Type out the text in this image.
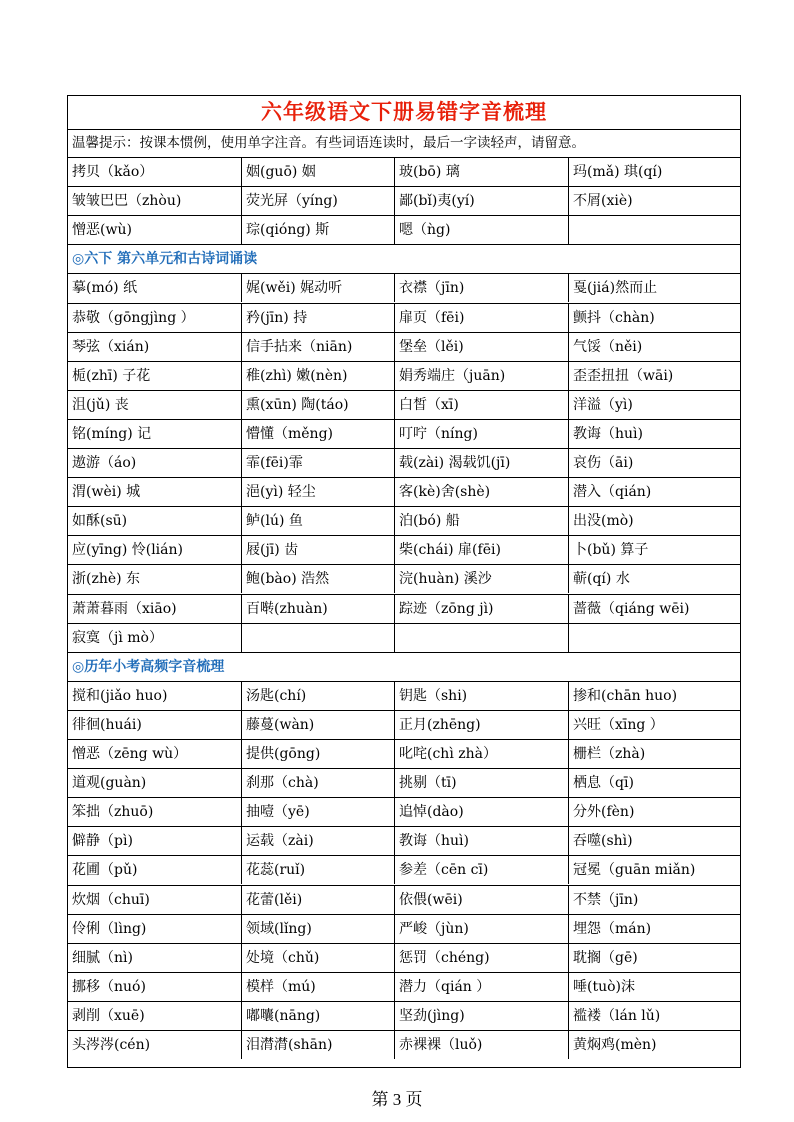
六年级语文下册易错字音梳理
温馨提示：按课本惯例，使用单字注音。有些词语连读时，最后一字读轻声，请留意。
拷贝（kǎo）	姻(guō) 姻	玻(bō) 璃	玛(mǎ) 琪(qí)
皱皱巴巴（zhòu)	荧光屏（yíng)	鄙(bǐ)夷(yí)	不屑(xiè)
憎恶(wù)	琮(qióng) 斯	嗯（ǹg)
◎六下 第六单元和古诗词诵读
摹(mó) 纸	娓(wěi) 娓动听	衣襟（jīn)	戛(jiá)然而止
恭敬（gōngjìng ）	矜(jīn) 持	扉页（fēi)	颤抖（chàn)
琴弦（xián)	信手拈来（niān)	堡垒（lěi)	气馁（něi)
栀(zhī) 子花	稚(zhì) 嫩(nèn)	娟秀端庄（juān)	歪歪扭扭（wāi)
沮(jǔ) 丧	熏(xūn) 陶(táo)	白皙（xī)	洋溢（yì)
铭(míng) 记	懵懂（měng)	叮咛（níng)	教诲（huì)
遨游（áo)	霏(fēi)霏	载(zài) 渴载饥(jī)	哀伤（āi)
渭(wèi) 城	浥(yì) 轻尘	客(kè)舍(shè)	潜入（qián)
如酥(sū)	鲈(lú) 鱼	泊(bó) 船	出没(mò)
应(yīng) 怜(lián)	屐(jī) 齿	柴(chái) 扉(fēi)	卜(bǔ) 算子
浙(zhè) 东	鲍(bào) 浩然	浣(huàn) 溪沙	蕲(qí) 水
萧萧暮雨（xiāo)	百啭(zhuàn)	踪迹（zōng jì)	蔷薇（qiáng wēi)
寂寞（jì mò）
◎历年小考高频字音梳理
搅和(jiǎo huo)	汤匙(chí)	钥匙（shi)	掺和(chān huo)
徘徊(huái)	藤蔓(wàn)	正月(zhēng)	兴旺（xīng ）
憎恶（zēng wù）	提供(gōng)	叱咤(chì zhà）	栅栏（zhà)
道观(guàn)	刹那（chà)	挑剔（tī)	栖息（qī)
笨拙（zhuō)	抽噎（yē)	追悼(dào)	分外(fèn)
僻静（pì)	运载（zài)	教诲（huì)	吞噬(shì)
花圃（pǔ)	花蕊(ruǐ)	参差（cēn cī)	冠冕（guān miǎn)
炊烟（chuī)	花蕾(lěi)	依偎(wēi)	不禁（jīn)
伶俐（lìng)	领域(lǐng)	严峻（jùn)	埋怨（mán)
细腻（nì)	处境（chǔ)	惩罚（chéng)	耽搁（gē)
挪移（nuó)	模样（mú)	潜力（qián ）	唾(tuò)沫
剥削（xuē)	嘟囔(nāng)	坚劲(jìng)	褴褛（lán lǔ)
头涔涔(cén)	泪潸潸(shān)	赤裸裸（luǒ)	黄焖鸡(mèn)
第 3 页
